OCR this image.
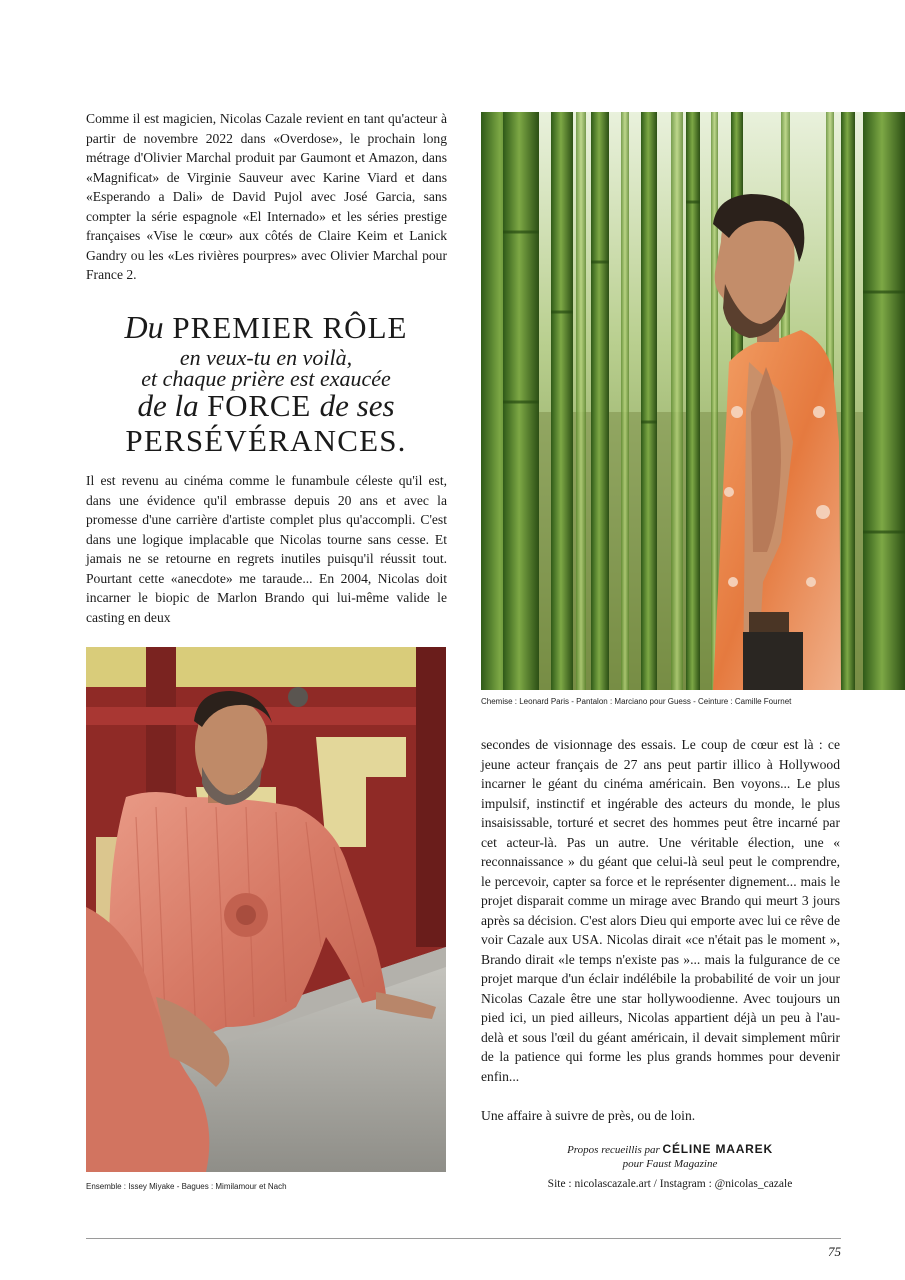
Comme il est magicien, Nicolas Cazale revient en tant qu'acteur à partir de novembre 2022 dans «Overdose», le prochain long métrage d'Olivier Marchal produit par Gaumont et Amazon, dans «Magnificat» de Virginie Sauveur avec Karine Viard et dans «Esperando a Dali» de David Pujol avec José Garcia, sans compter la série espagnole «El Internado» et les séries prestige françaises «Vise le cœur» aux côtés de Claire Keim et Lanick Gandry ou les «Les rivières pourpres» avec Olivier Marchal pour France 2.

Du PREMIER RÔLE
en veux-tu en voilà,
et chaque prière est exaucée
de la FORCE de ses
PERSÉVÉRANCES.

Il est revenu au cinéma comme le funambule céleste qu'il est, dans une évidence qu'il embrasse depuis 20 ans et avec la promesse d'une carrière d'artiste complet plus qu'accompli. C'est dans une logique implacable que Nicolas tourne sans cesse. Et jamais ne se retourne en regrets inutiles puisqu'il réussit tout. Pourtant cette «anecdote» me taraude... En 2004, Nicolas doit incarner le biopic de Marlon Brando qui lui-même valide le casting en deux

Chemise : Leonard Paris - Pantalon : Marciano pour Guess - Ceinture : Camille Fournet
Ensemble : Issey Miyake - Bagues : Mimilamour et Nach

secondes de visionnage des essais. Le coup de cœur est là : ce jeune acteur français de 27 ans peut partir illico à Hollywood incarner le géant du cinéma américain. Ben voyons... Le plus impulsif, instinctif et ingérable des acteurs du monde, le plus insaisissable, torturé et secret des hommes peut être incarné par cet acteur-là. Pas un autre. Une véritable élection, une « reconnaissance » du géant que celui-là seul peut le comprendre, le percevoir, capter sa force et le représenter dignement... mais le projet disparait comme un mirage avec Brando qui meurt 3 jours après sa décision. C'est alors Dieu qui emporte avec lui ce rêve de voir Cazale aux USA. Nicolas dirait «ce n'était pas le moment », Brando dirait «le temps n'existe pas »... mais la fulgurance de ce projet marque d'un éclair indélébile la probabilité de voir un jour Nicolas Cazale être une star hollywoodienne. Avec toujours un pied ici, un pied ailleurs, Nicolas appartient déjà un peu à l'au-delà et sous l'œil du géant américain, il devait simplement mûrir de la patience qui forme les plus grands hommes pour devenir enfin...

Une affaire à suivre de près, ou de loin.

Propos recueillis par CÉLINE MAAREK
pour Faust Magazine
Site : nicolascazale.art / Instagram : @nicolas_cazale
75
